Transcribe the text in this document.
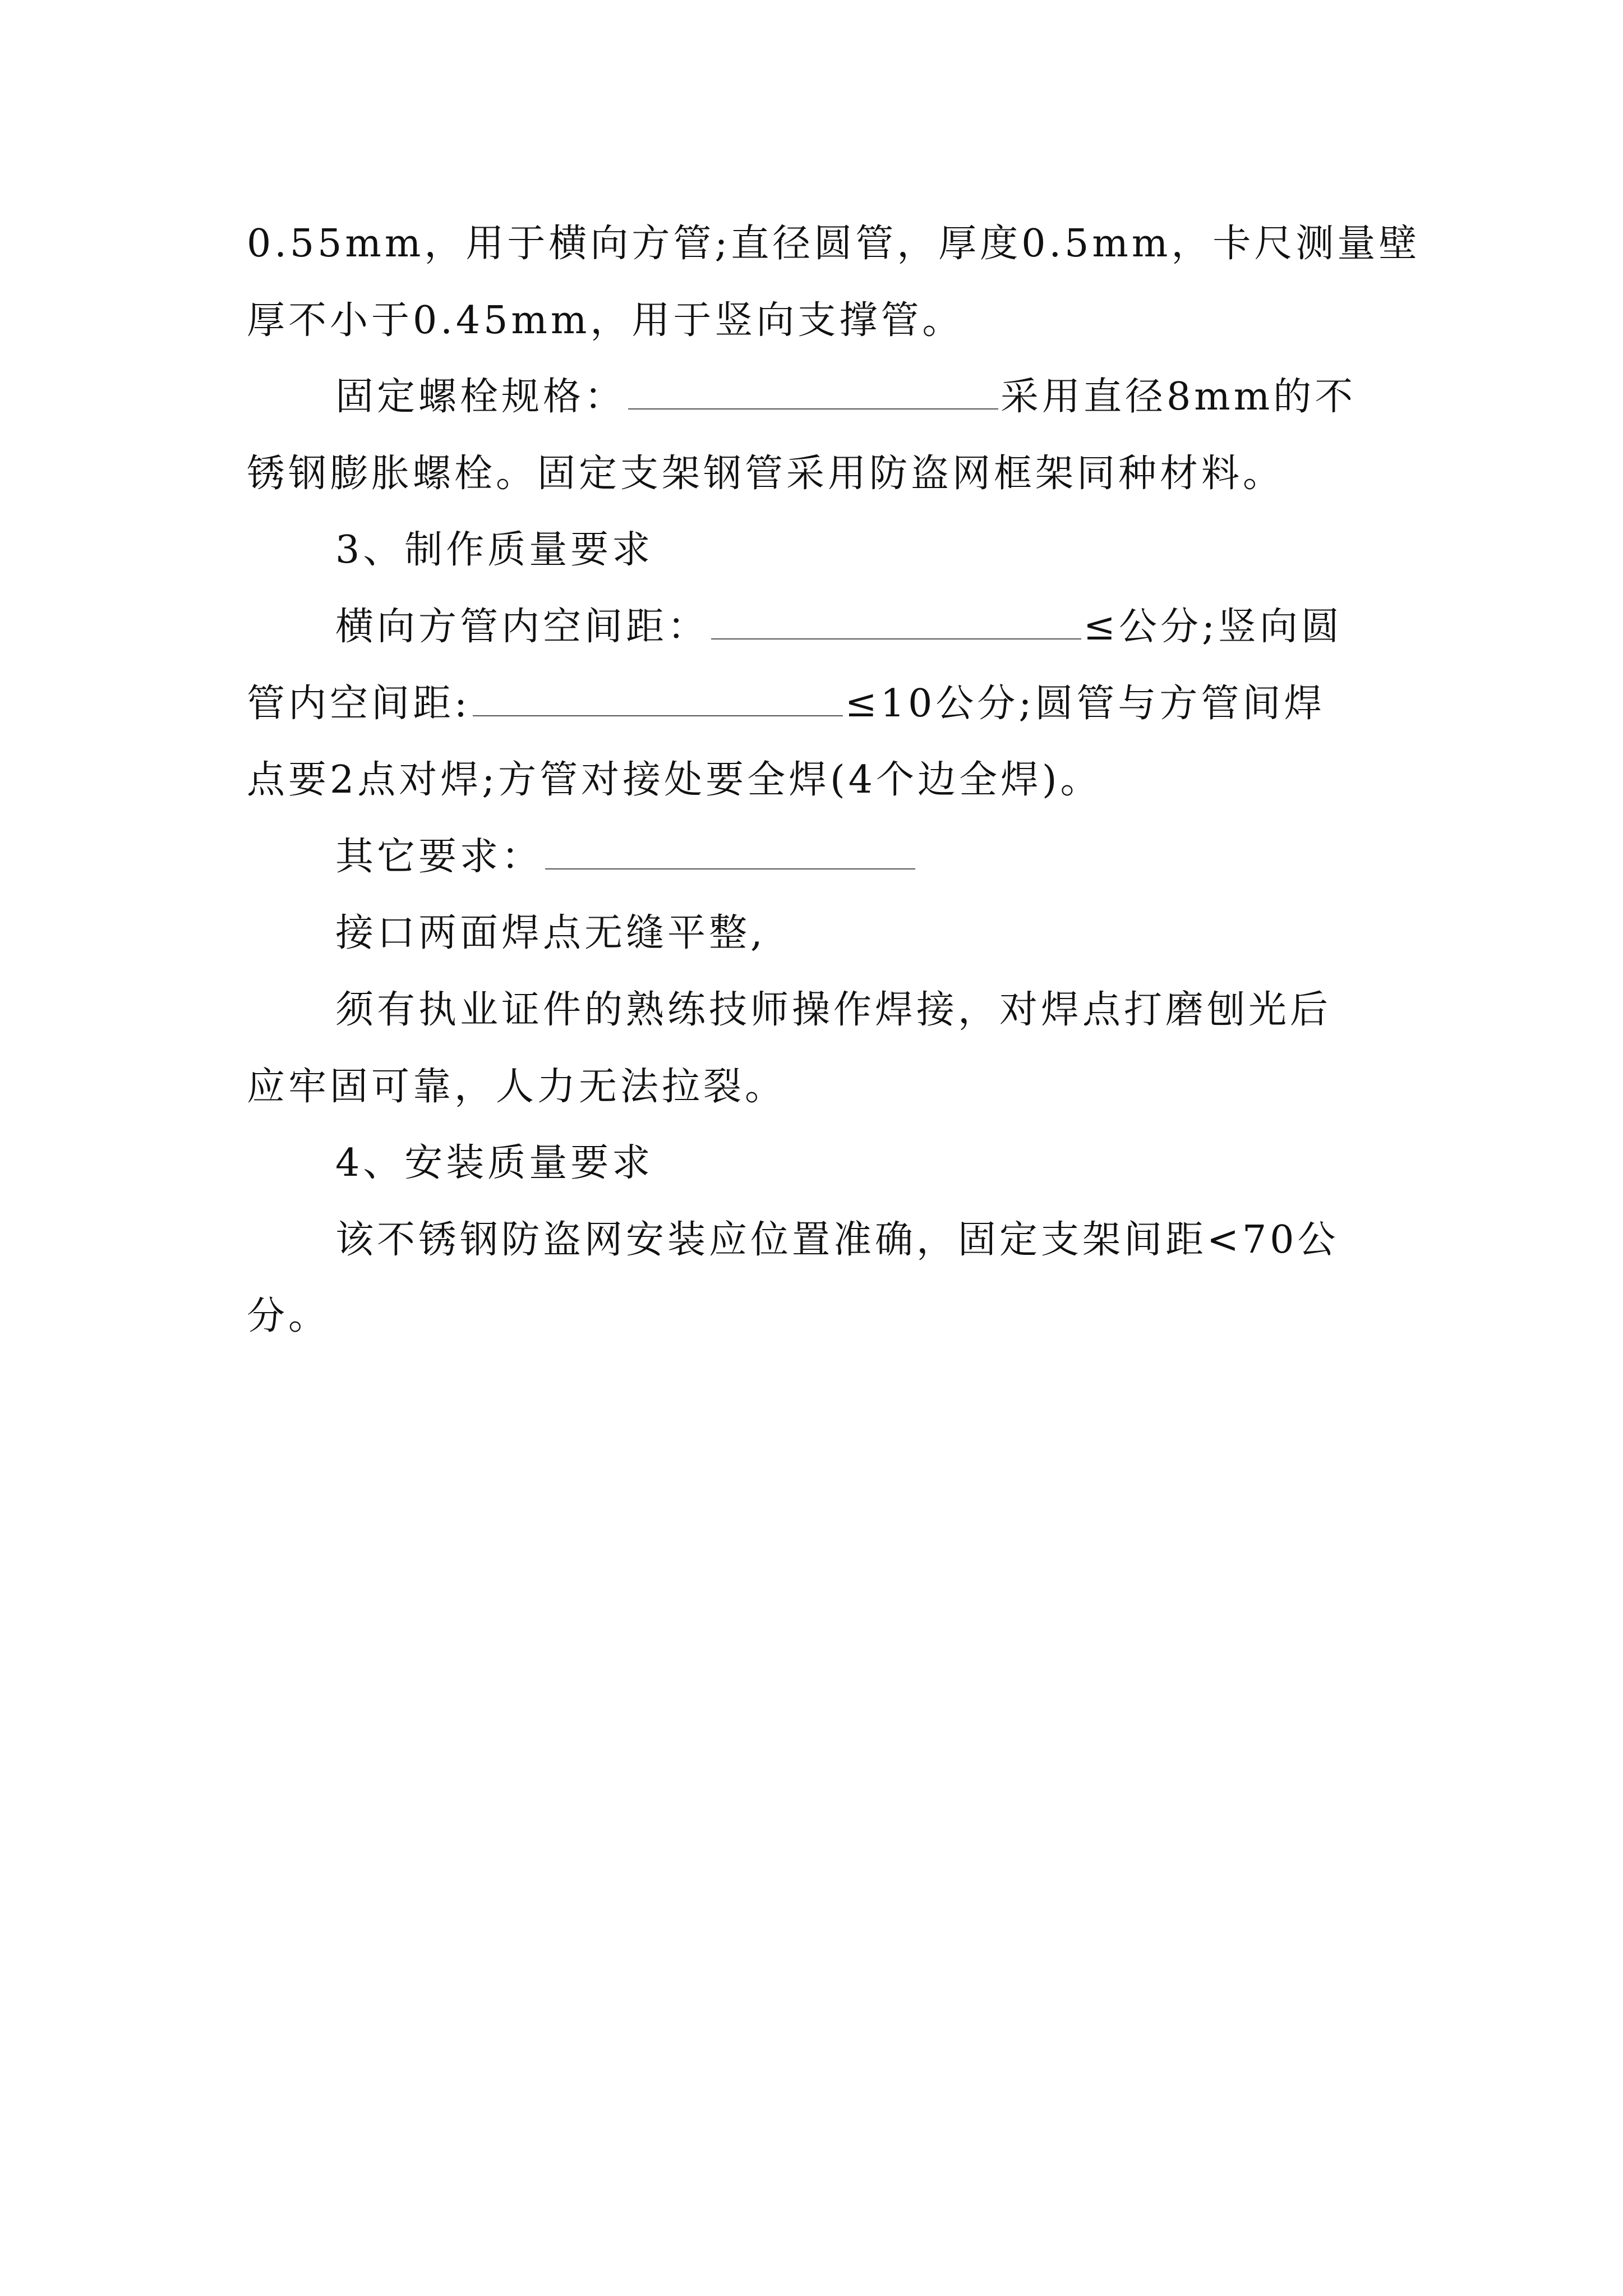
0.55mm，用于横向方管;直径圆管，厚度0.5mm，卡尺测量壁
厚不小于0.45mm，用于竖向支撑管。
固定螺栓规格：	采用直径8mm的不
锈钢膨胀螺栓。固定支架钢管采用防盗网框架同种材料。
3、制作质量要求
横向方管内空间距：	≤公分;竖向圆
管内空间距:	≤10公分;圆管与方管间焊
点要2点对焊;方管对接处要全焊(4个边全焊)。
其它要求：
接口两面焊点无缝平整,
须有执业证件的熟练技师操作焊接，对焊点打磨刨光后
应牢固可靠，人力无法拉裂。
4、安装质量要求
该不锈钢防盗网安装应位置准确，固定支架间距<70公
分。
